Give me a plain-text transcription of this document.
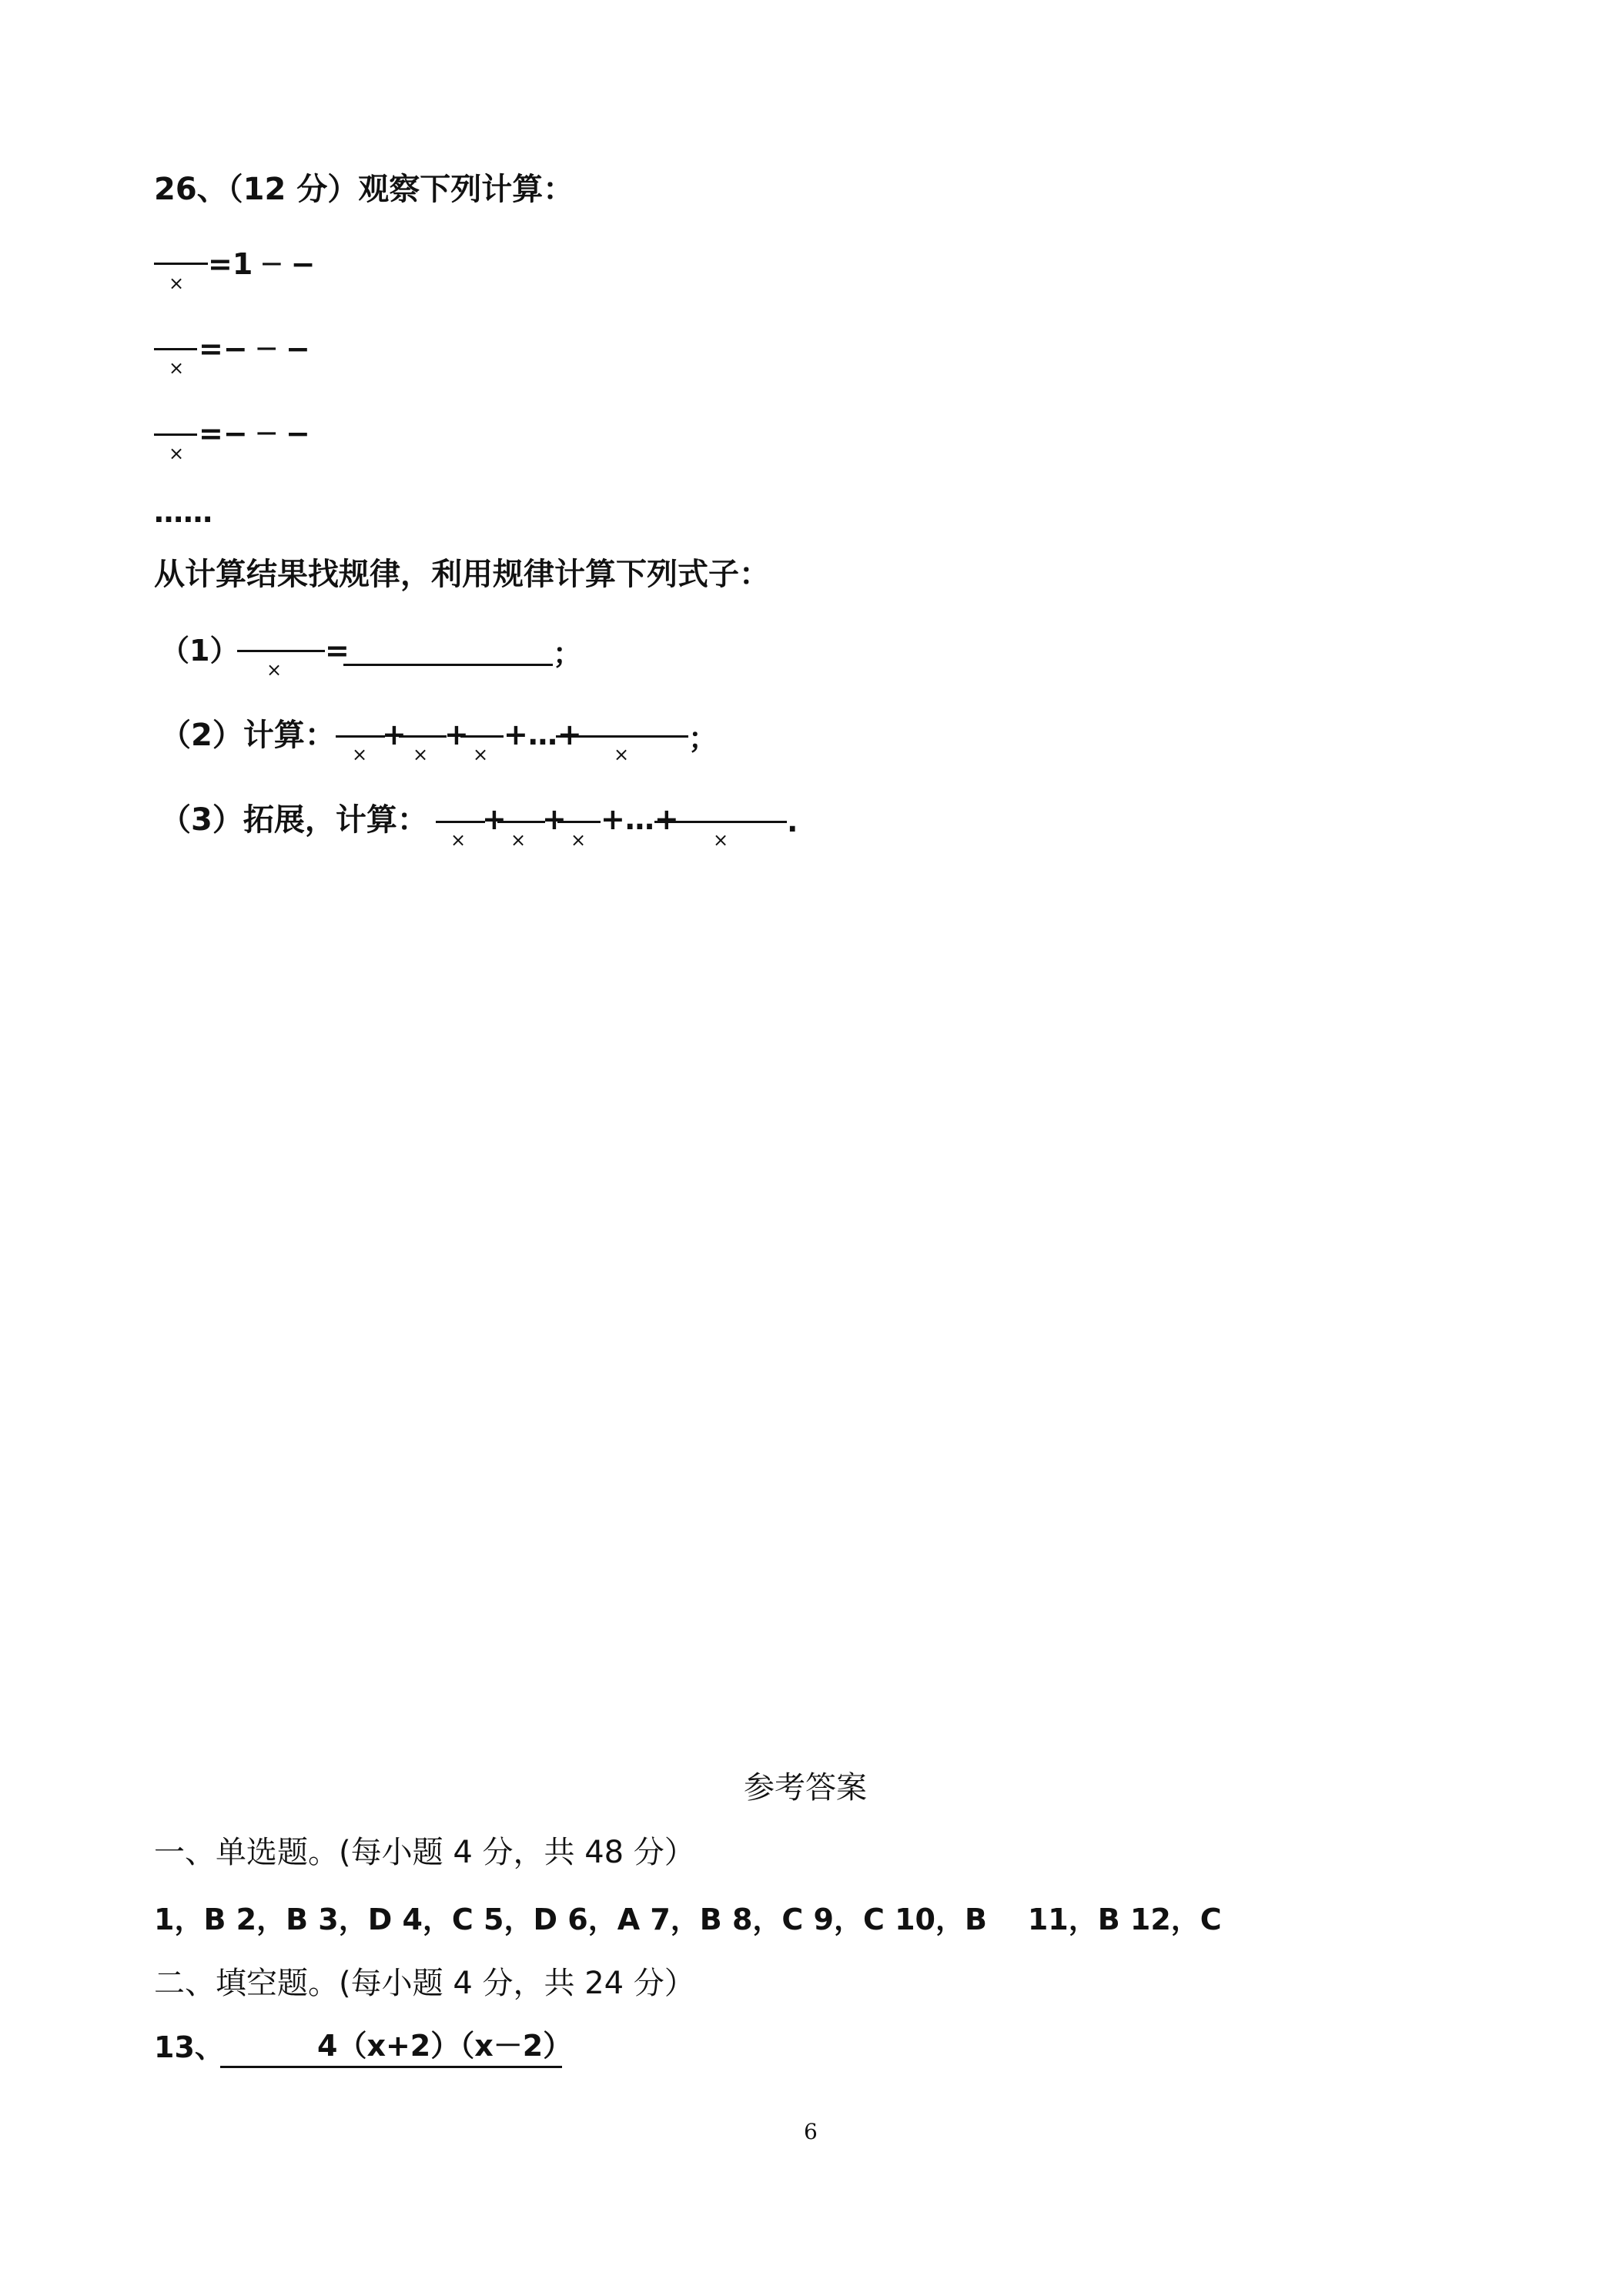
26、（12 分）观察下列计算：
×
=1 ─ −
×
=− ─ −
×
=− ─ −
……
从计算结果找规律，利用规律计算下列式子：
（1）
×
=	；
（2）计算：
×
+
×
+
×
+…+
× ；
（3）拓展，计算：
×
+
×
+
×
+…+
×
.
参考答案
一、单选题。(每小题 4 分，共 48 分）
1，B 2，B 3，D 4，C 5，D 6，A 7，B 8，C 9，C 10，B    11，B 12，C
二、填空题。(每小题 4 分，共 24 分）
13、	4（x+2）（x－2）
6
